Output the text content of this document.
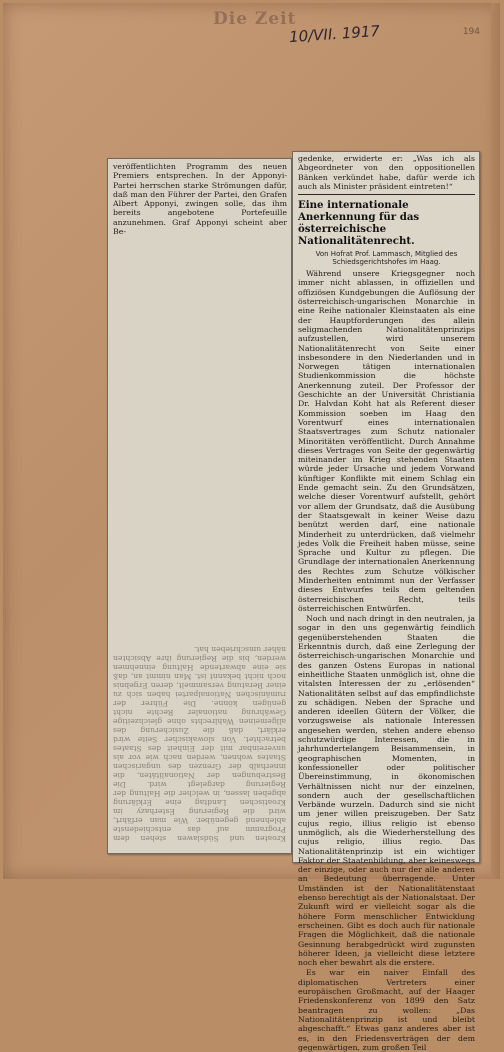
Die Zeit
10/VII. 1917	194

veröffentlichten Programm des neuen Premiers entsprechen. In der Apponyi-Partei herrschen starke Strömungen dafür, daß man den Führer der Partei, den Grafen Albert Apponyi, zwingen solle, das ihm bereits angebotene Portefeuille anzunehmen. Graf Apponyi scheint aber Be-

Kroaten und Südslawen stehen dem Programm auf das entschiedenste ablehnend gegenüber. Wie man erfährt, wird die Regierung Esterhazy im Kroatischen Landtag eine Erklärung abgeben lassen, in welcher die Haltung der Regierung dargelegt wird. Die Bestrebungen der Nationalitäten, die innerhalb der Grenzen des ungarischen Staates wohnen, werden nach wie vor als unvereinbar mit der Einheit des Staates betrachtet. Von slowakischer Seite wird erklärt, daß die Zusicherung des allgemeinen Wahlrechts ohne gleichzeitige Gewährung nationaler Rechte nicht genügen könne. Die Führer der rumänischen Nationalpartei haben sich zu einer Beratung versammelt, deren Ergebnis noch nicht bekannt ist. Man nimmt an, daß sie eine abwartende Haltung einnehmen werden, bis die Regierung ihre Absichten näher umschrieben hat.

gedenke, erwiderte er: „Was ich als Abgeordneter von den oppositionellen Bänken verkündet habe, dafür werde ich auch als Minister präsident eintreten!“

Eine internationale Anerkennung für das österreichische Nationalitätenrecht.

Von Hofrat Prof. Lammasch, Mitglied des Schiedsgerichtshofes im Haag.

Während unsere Kriegsgegner noch immer nicht ablassen, in offiziellen und offiziösen Kundgebungen die Auflösung der österreichisch-ungarischen Monarchie in eine Reihe nationaler Kleinstaaten als eine der Hauptforderungen des allein seligmachenden Nationalitätenprinzips aufzustellen, wird unserem Nationalitätenrecht von Seite einer insbesondere in den Niederlanden und in Norwegen tätigen internationalen Studienkommission die höchste Anerkennung zuteil. Der Professor der Geschichte an der Universität Christiania Dr. Halvdan Koht hat als Referent dieser Kommission soeben im Haag den Vorentwurf eines internationalen Staatsvertrages zum Schutz nationaler Minoritäten veröffentlicht. Durch Annahme dieses Vertrages von Seite der gegenwärtig miteinander im Krieg stehenden Staaten würde jeder Ursache und jedem Vorwand künftiger Konflikte mit einem Schlag ein Ende gemacht sein. Zu den Grundsätzen, welche dieser Vorentwurf aufstellt, gehört vor allem der Grundsatz, daß die Ausübung der Staatsgewalt in keiner Weise dazu benützt werden darf, eine nationale Minderheit zu unterdrücken, daß vielmehr jedes Volk die Freiheit haben müsse, seine Sprache und Kultur zu pflegen. Die Grundlage der internationalen Anerkennung des Rechtes zum Schutze völkischer Minderheiten entnimmt nun der Verfasser dieses Entwurfes teils dem geltenden österreichischen Recht, teils österreichischen Entwürfen.

Noch und nach dringt in den neutralen, ja sogar in den uns gegenwärtig feindlich gegenüberstehenden Staaten die Erkenntnis durch, daß eine Zerlegung der österreichisch-ungarischen Monarchie und des ganzen Ostens Europas in national einheitliche Staaten unmöglich ist, ohne die vitalsten Interessen der zu „erlösenden“ Nationalitäten selbst auf das empfindlichste zu schädigen. Neben der Sprache und anderen ideellen Gütern der Völker, die vorzugsweise als nationale Interessen angesehen werden, stehen andere ebenso schutzwürdige Interessen, die in jahrhundertelangem Beisammensein, in geographischen Momenten, in konfessioneller oder politischer Übereinstimmung, in ökonomischen Verhältnissen nicht nur der einzelnen, sondern auch der gesellschaftlichen Verbände wurzeln. Dadurch sind sie nicht um jener willen preiszugeben. Der Satz cujus regio, illius religio ist ebenso unmöglich, als die Wiederherstellung des cujus religio, illius regio. Das Nationalitätenprinzip ist ein wichtiger Faktor der Staatenbildung, aber keineswegs der einzige, oder auch nur der alle anderen an Bedeutung überragende. Unter Umständen ist der Nationalitätenstaat ebenso berechtigt als der Nationalstaat. Der Zukunft wird er vielleicht sogar als die höhere Form menschlicher Entwicklung erscheinen. Gibt es doch auch für nationale Fragen die Möglichkeit, daß die nationale Gesinnung herabgedrückt wird zugunsten höherer Ideen, ja vielleicht diese letztere noch eher bewahrt als die erstere.

Es war ein naiver Einfall des diplomatischen Vertreters einer europäischen Großmacht, auf der Haager Friedenskonferenz von 1899 den Satz beantragen zu wollen: „Das Nationalitätenprinzip ist und bleibt abgeschafft.“ Etwas ganz anderes aber ist es, in den Friedensverträgen der dem gegenwärtigen, zum großen Teil
